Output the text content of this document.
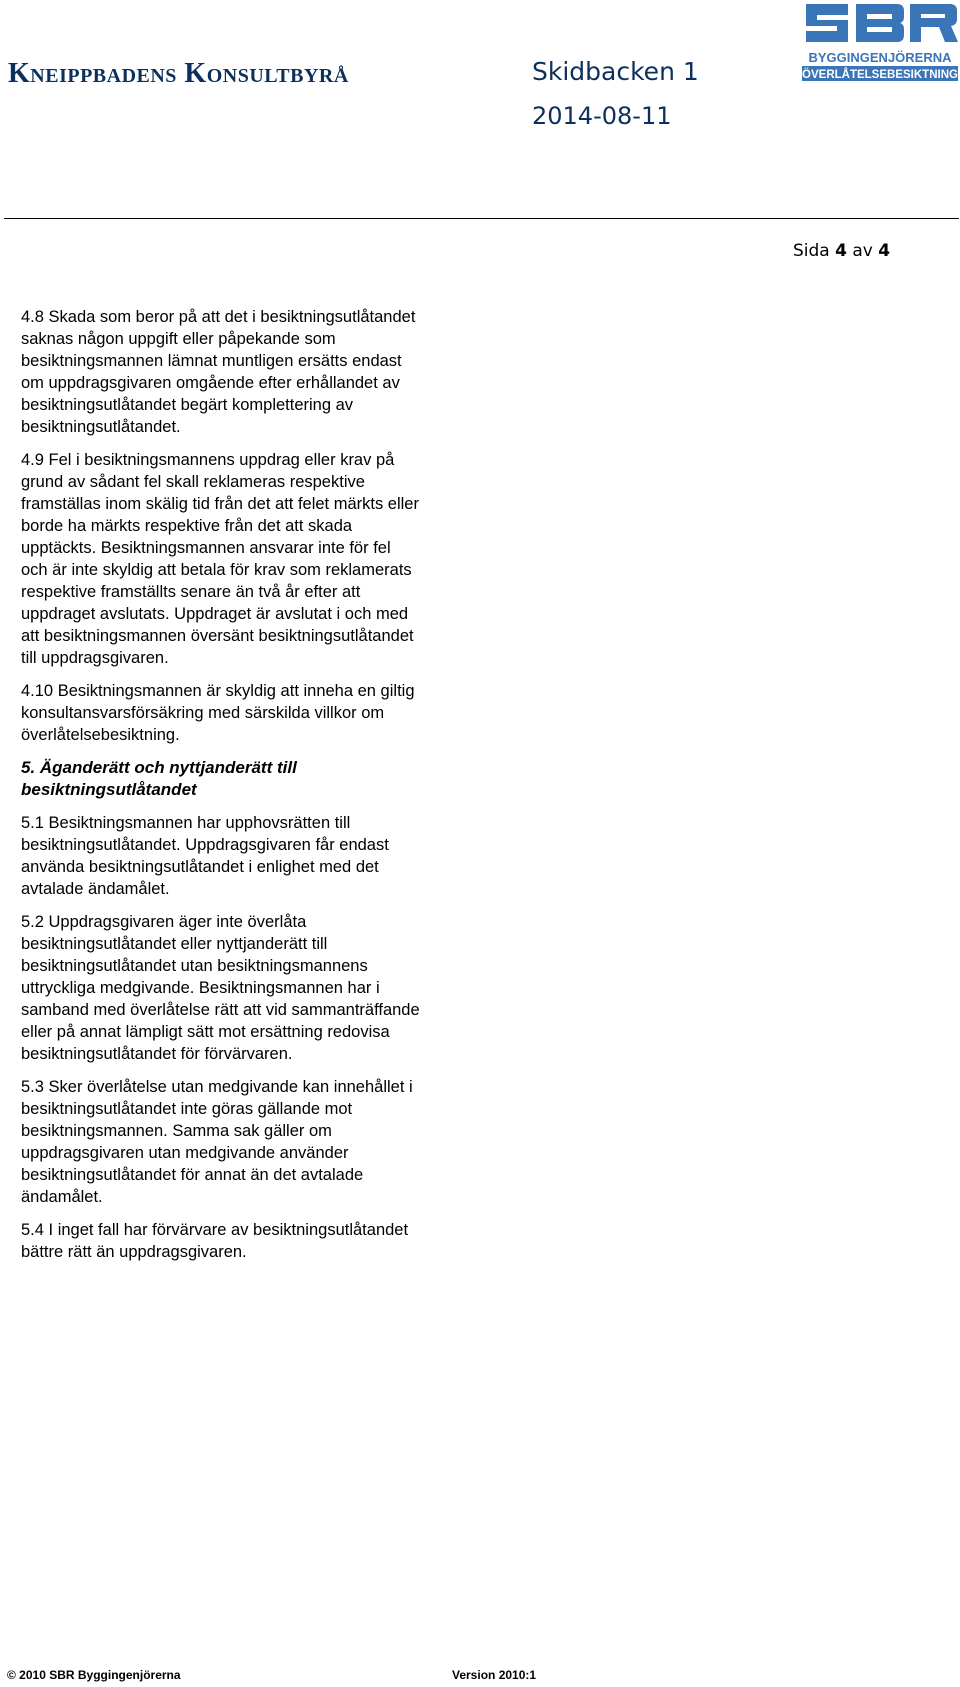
Kneippbadens Konsultbyrå	Skidbacken 1
2014-08-11
BYGGINGENJÖRERNA
ÖVERLÅTELSEBESIKTNING
Sida 4 av 4

4.8 Skada som beror på att det i besiktningsutlåtandet saknas någon uppgift eller påpekande som besiktningsmannen lämnat muntligen ersätts endast om uppdragsgivaren omgående efter erhållandet av besiktningsutlåtandet begärt komplettering av besiktningsutlåtandet.

4.9 Fel i besiktningsmannens uppdrag eller krav på grund av sådant fel skall reklameras respektive framställas inom skälig tid från det att felet märkts eller borde ha märkts respektive från det att skada upptäckts. Besiktningsmannen ansvarar inte för fel och är inte skyldig att betala för krav som reklamerats respektive framställts senare än två år efter att uppdraget avslutats. Uppdraget är avslutat i och med att besiktningsmannen översänt besiktningsutlåtandet till uppdragsgivaren.

4.10 Besiktningsmannen är skyldig att inneha en giltig konsultansvarsförsäkring med särskilda villkor om överlåtelsebesiktning.

5. Äganderätt och nyttjanderätt till besiktningsutlåtandet

5.1 Besiktningsmannen har upphovsrätten till besiktningsutlåtandet. Uppdragsgivaren får endast använda besiktningsutlåtandet i enlighet med det avtalade ändamålet.

5.2 Uppdragsgivaren äger inte överlåta besiktningsutlåtandet eller nyttjanderätt till besiktningsutlåtandet utan besiktningsmannens uttryckliga medgivande. Besiktningsmannen har i samband med överlåtelse rätt att vid sammanträffande eller på annat lämpligt sätt mot ersättning redovisa besiktningsutlåtandet för förvärvaren.

5.3 Sker överlåtelse utan medgivande kan innehållet i besiktningsutlåtandet inte göras gällande mot besiktningsmannen. Samma sak gäller om uppdragsgivaren utan medgivande använder besiktningsutlåtandet för annat än det avtalade ändamålet.

5.4 I inget fall har förvärvare av besiktningsutlåtandet bättre rätt än uppdragsgivaren.

© 2010 SBR Byggingenjörerna	Version 2010:1
